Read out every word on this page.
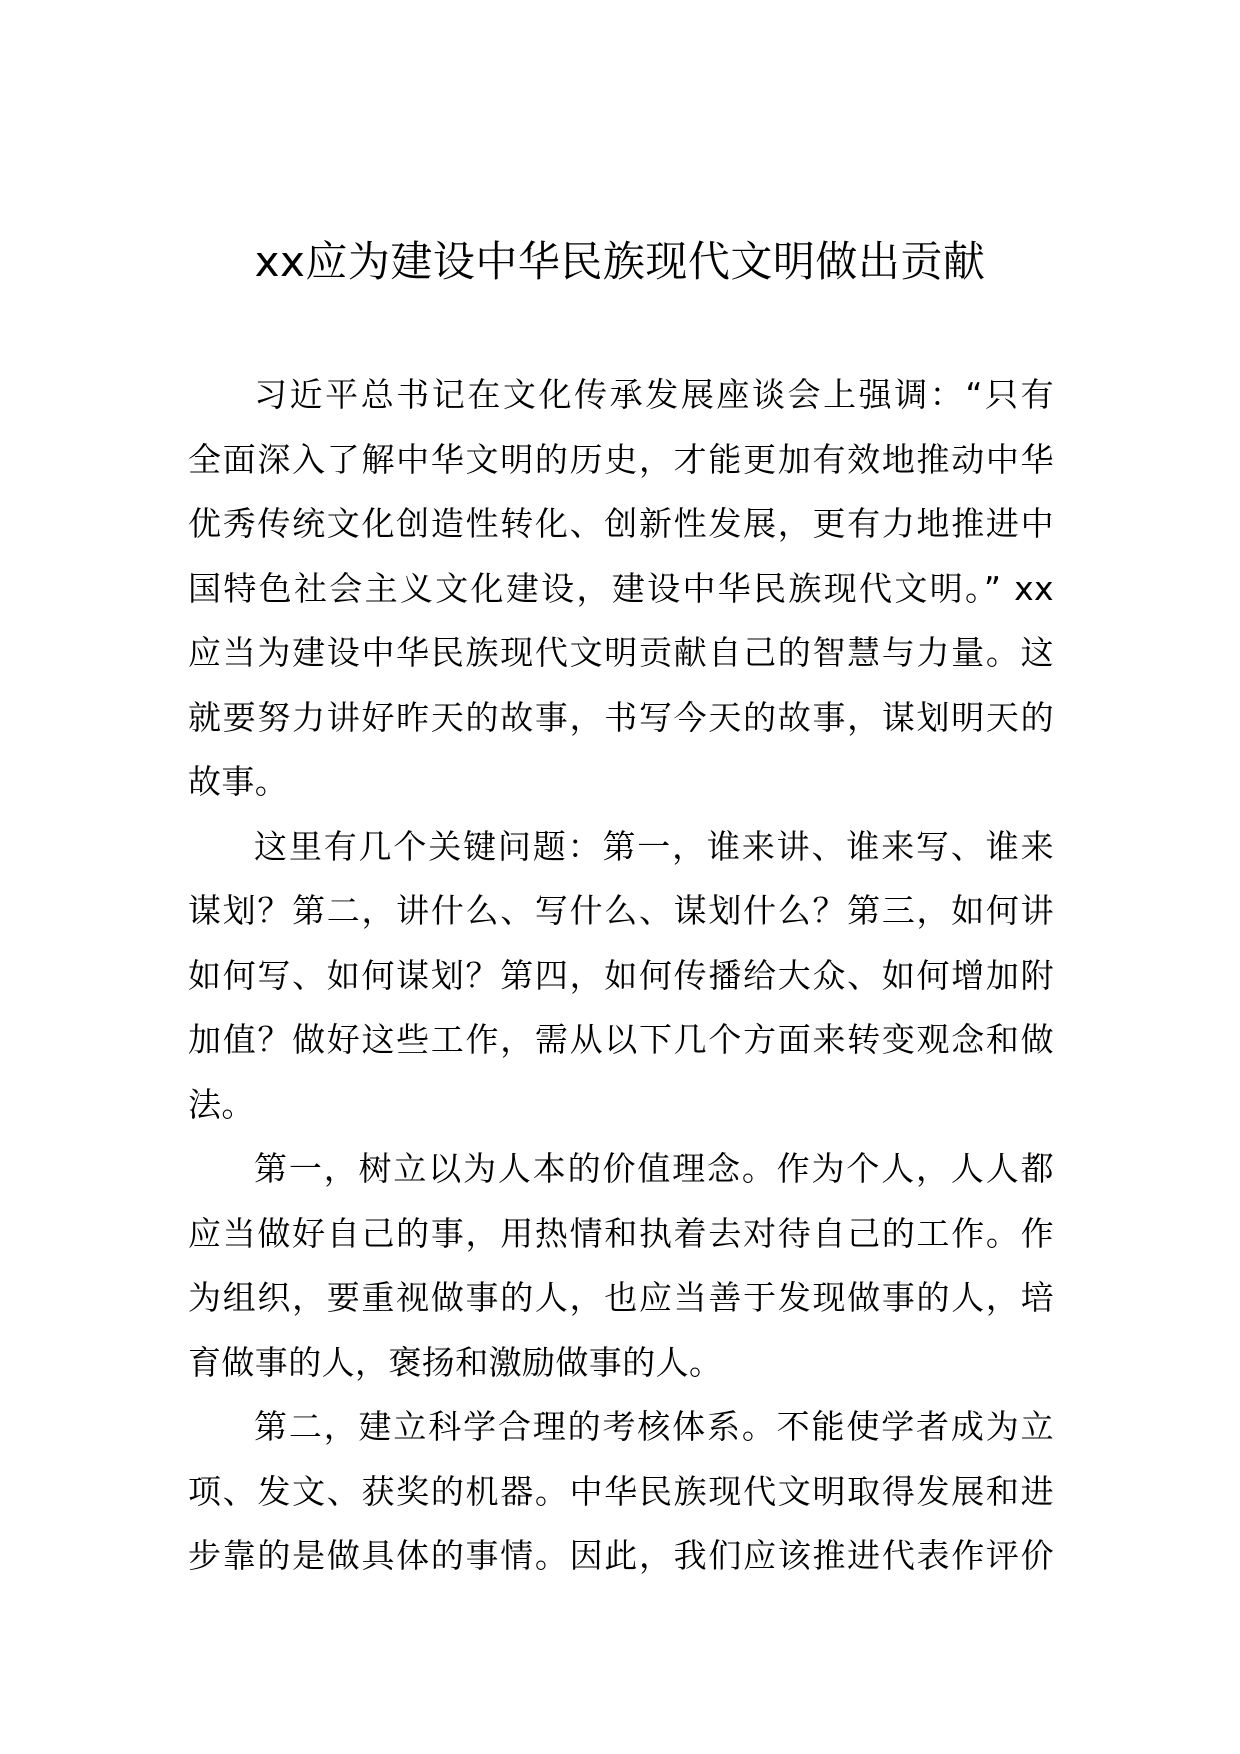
xx应为建设中华民族现代文明做出贡献

习近平总书记在文化传承发展座谈会上强调：“只有
全面深入了解中华文明的历史，才能更加有效地推动中华
优秀传统文化创造性转化、创新性发展，更有力地推进中
国特色社会主义文化建设，建设中华民族现代文明。” xx
应当为建设中华民族现代文明贡献自己的智慧与力量。这
就要努力讲好昨天的故事，书写今天的故事，谋划明天的
故事。

这里有几个关键问题：第一，谁来讲、谁来写、谁来
谋划？第二，讲什么、写什么、谋划什么？第三，如何讲
如何写、如何谋划？第四，如何传播给大众、如何增加附
加值？做好这些工作，需从以下几个方面来转变观念和做
法。

第一，树立以为人本的价值理念。作为个人，人人都
应当做好自己的事，用热情和执着去对待自己的工作。作
为组织，要重视做事的人，也应当善于发现做事的人，培
育做事的人，褒扬和激励做事的人。

第二，建立科学合理的考核体系。不能使学者成为立
项、发文、获奖的机器。中华民族现代文明取得发展和进
步靠的是做具体的事情。因此，我们应该推进代表作评价
